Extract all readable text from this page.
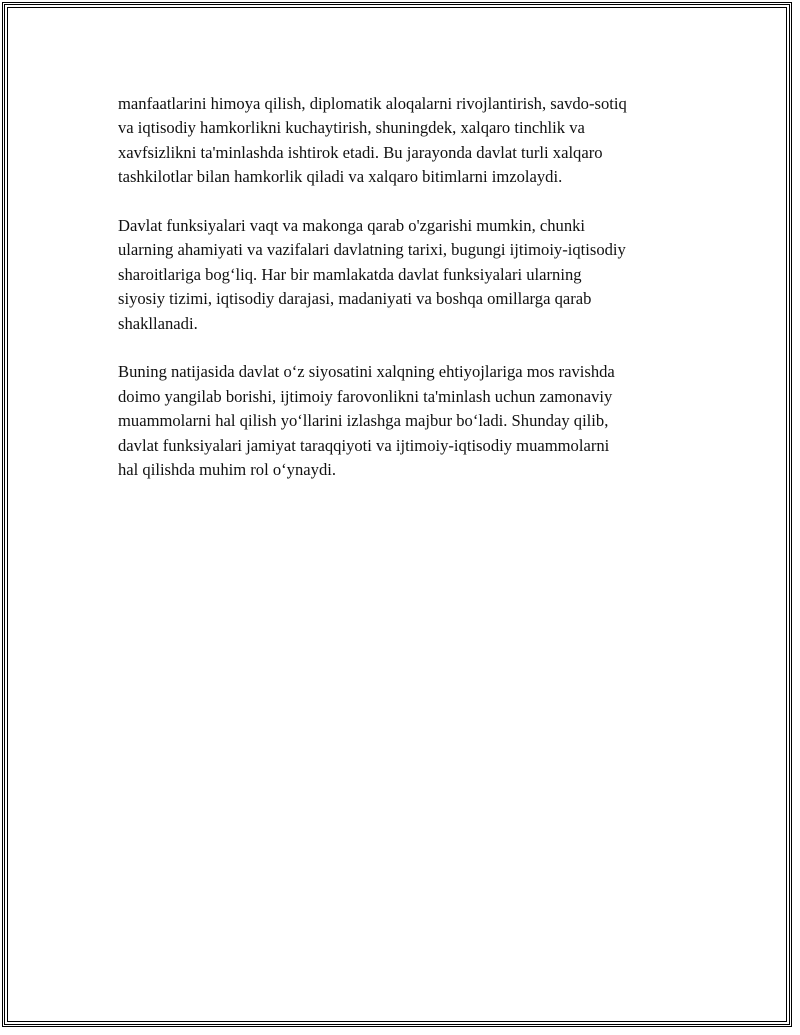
manfaatlarini himoya qilish, diplomatik aloqalarni rivojlantirish, savdo-sotiq
va iqtisodiy hamkorlikni kuchaytirish, shuningdek, xalqaro tinchlik va
xavfsizlikni ta'minlashda ishtirok etadi. Bu jarayonda davlat turli xalqaro
tashkilotlar bilan hamkorlik qiladi va xalqaro bitimlarni imzolaydi.

Davlat funksiyalari vaqt va makonga qarab o'zgarishi mumkin, chunki
ularning ahamiyati va vazifalari davlatning tarixi, bugungi ijtimoiy-iqtisodiy
sharoitlariga bog‘liq. Har bir mamlakatda davlat funksiyalari ularning
siyosiy tizimi, iqtisodiy darajasi, madaniyati va boshqa omillarga qarab
shakllanadi.

Buning natijasida davlat o‘z siyosatini xalqning ehtiyojlariga mos ravishda
doimo yangilab borishi, ijtimoiy farovonlikni ta'minlash uchun zamonaviy
muammolarni hal qilish yo‘llarini izlashga majbur bo‘ladi. Shunday qilib,
davlat funksiyalari jamiyat taraqqiyoti va ijtimoiy-iqtisodiy muammolarni
hal qilishda muhim rol o‘ynaydi.
